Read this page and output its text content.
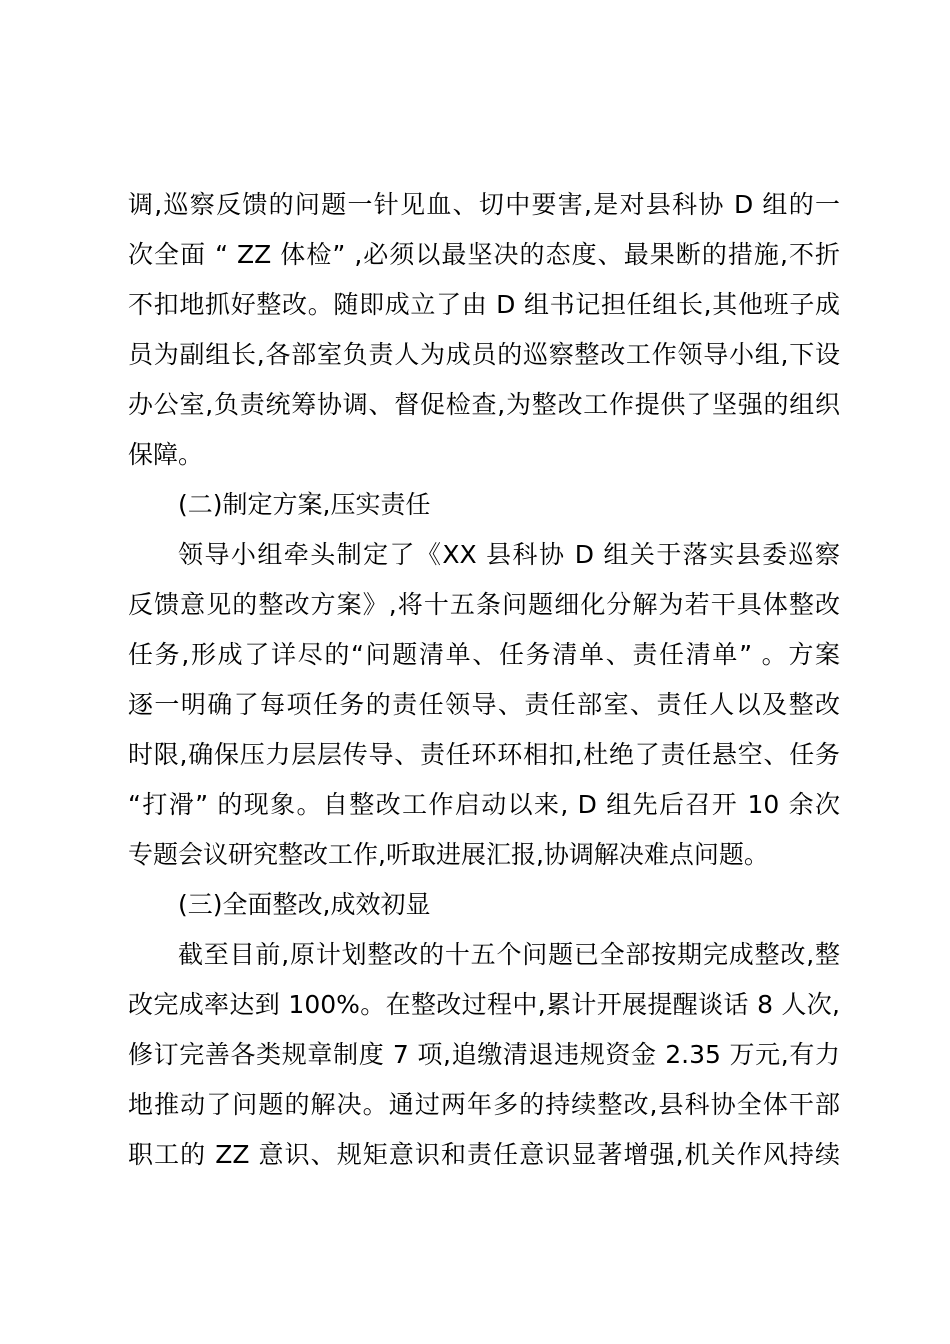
调,巡察反馈的问题一针见血、切中要害,是对县科协 D 组的一
次全面 “ ZZ 体检” ,必须以最坚决的态度、最果断的措施,不折
不扣地抓好整改。随即成立了由 D 组书记担任组长,其他班子成
员为副组长,各部室负责人为成员的巡察整改工作领导小组,下设
办公室,负责统筹协调、督促检查,为整改工作提供了坚强的组织
保障。
(二)制定方案,压实责任
领导小组牵头制定了《XX 县科协 D 组关于落实县委巡察
反馈意见的整改方案》,将十五条问题细化分解为若干具体整改
任务,形成了详尽的“问题清单、任务清单、责任清单” 。方案
逐一明确了每项任务的责任领导、责任部室、责任人以及整改
时限,确保压力层层传导、责任环环相扣,杜绝了责任悬空、任务
“打滑” 的现象。自整改工作启动以来, D 组先后召开 10 余次
专题会议研究整改工作,听取进展汇报,协调解决难点问题。
(三)全面整改,成效初显
截至目前,原计划整改的十五个问题已全部按期完成整改,整
改完成率达到 100%。在整改过程中,累计开展提醒谈话 8 人次,
修订完善各类规章制度 7 项,追缴清退违规资金 2.35 万元,有力
地推动了问题的解决。通过两年多的持续整改,县科协全体干部
职工的 ZZ 意识、规矩意识和责任意识显著增强,机关作风持续
